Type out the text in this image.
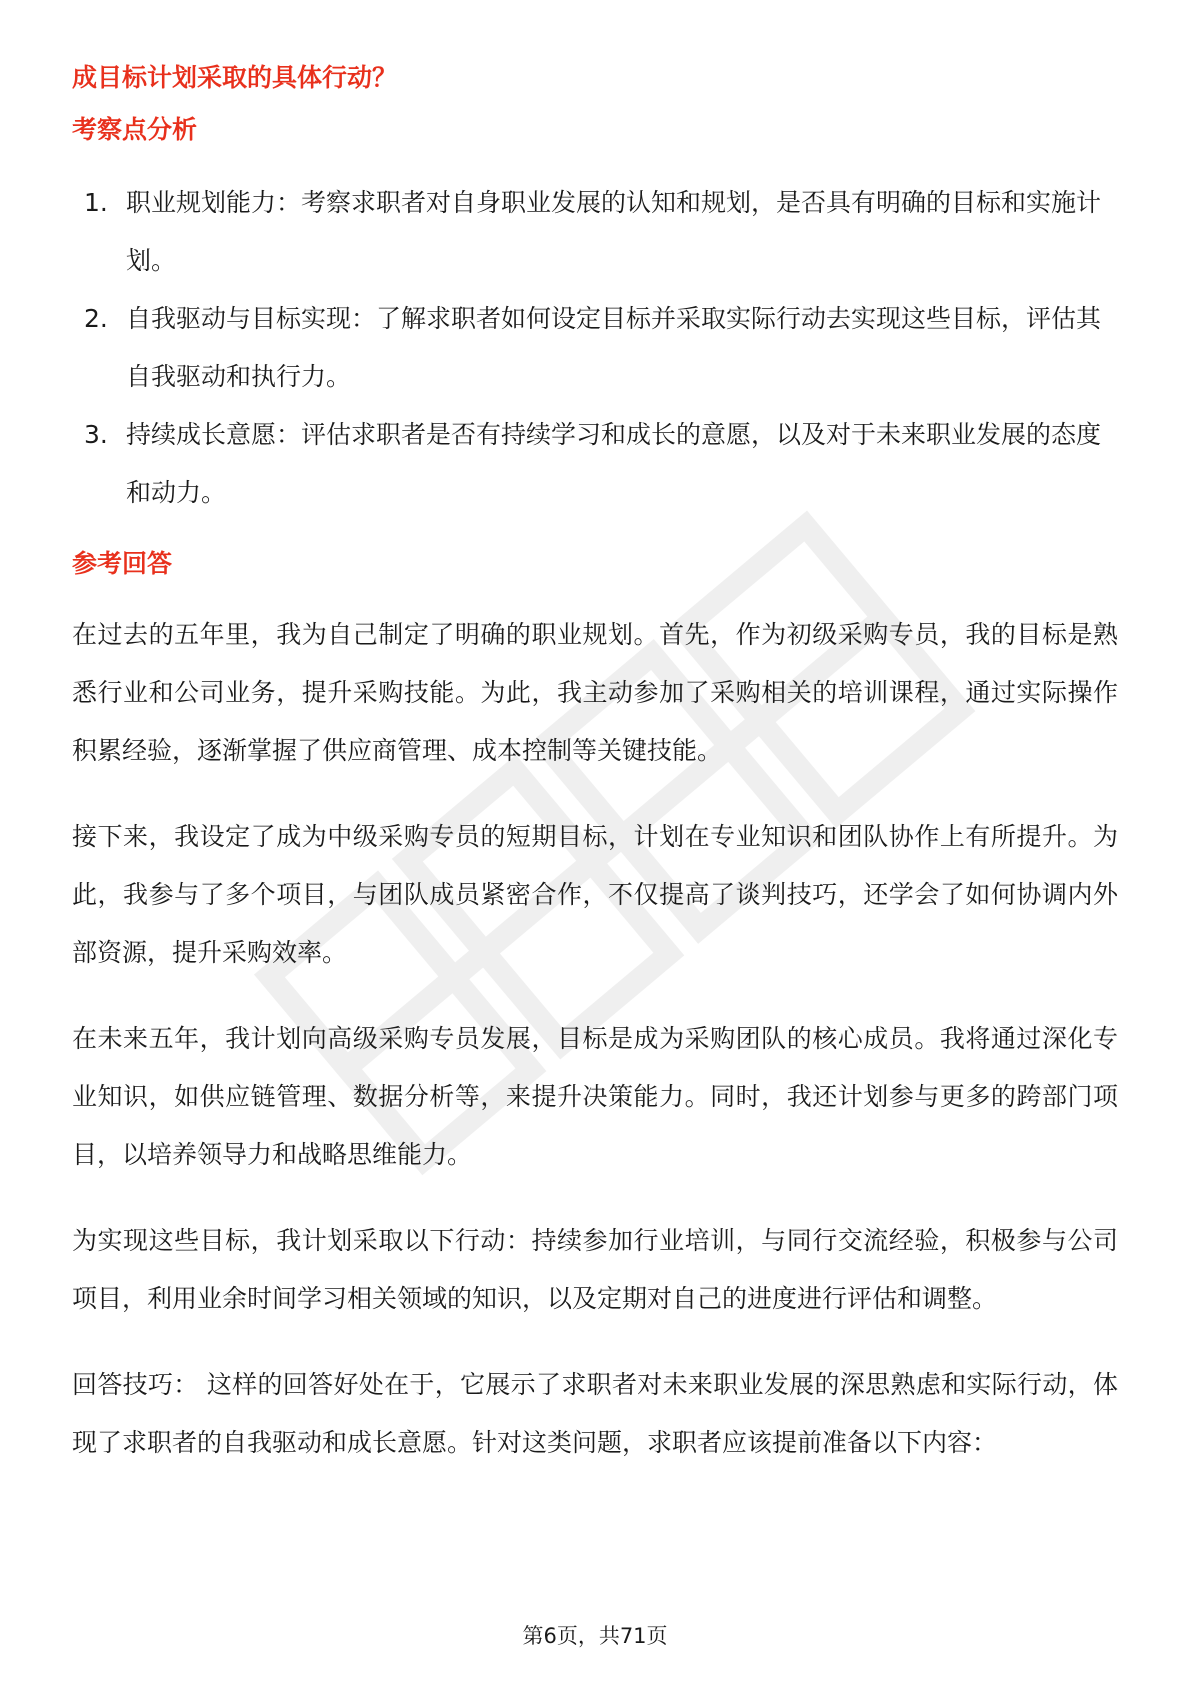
成目标计划采取的具体行动？
考察点分析
1. 职业规划能力：考察求职者对自身职业发展的认知和规划，是否具有明确的目标和实施计划。
2. 自我驱动与目标实现：了解求职者如何设定目标并采取实际行动去实现这些目标，评估其自我驱动和执行力。
3. 持续成长意愿：评估求职者是否有持续学习和成长的意愿，以及对于未来职业发展的态度和动力。
参考回答

在过去的五年里，我为自己制定了明确的职业规划。首先，作为初级采购专员，我的目标是熟悉行业和公司业务，提升采购技能。为此，我主动参加了采购相关的培训课程，通过实际操作积累经验，逐渐掌握了供应商管理、成本控制等关键技能。

接下来，我设定了成为中级采购专员的短期目标，计划在专业知识和团队协作上有所提升。为此，我参与了多个项目，与团队成员紧密合作，不仅提高了谈判技巧，还学会了如何协调内外部资源，提升采购效率。

在未来五年，我计划向高级采购专员发展，目标是成为采购团队的核心成员。我将通过深化专业知识，如供应链管理、数据分析等，来提升决策能力。同时，我还计划参与更多的跨部门项目，以培养领导力和战略思维能力。

为实现这些目标，我计划采取以下行动：持续参加行业培训，与同行交流经验，积极参与公司项目，利用业余时间学习相关领域的知识，以及定期对自己的进度进行评估和调整。

回答技巧： 这样的回答好处在于，它展示了求职者对未来职业发展的深思熟虑和实际行动，体现了求职者的自我驱动和成长意愿。针对这类问题，求职者应该提前准备以下内容：

第6页，共71页
